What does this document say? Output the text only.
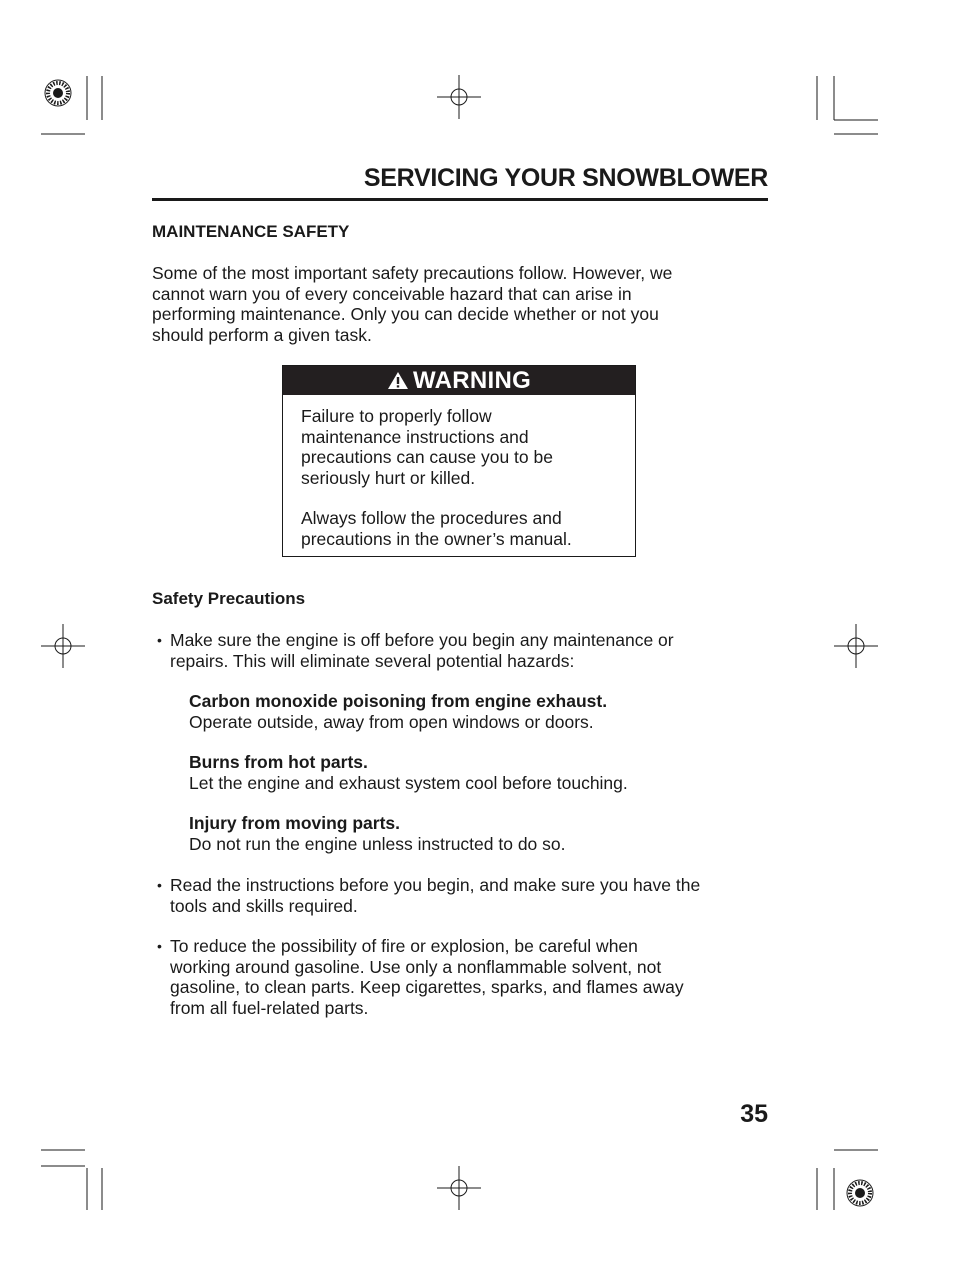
SERVICING YOUR SNOWBLOWER
MAINTENANCE SAFETY
Some of the most important safety precautions follow. However, we
cannot warn you of every conceivable hazard that can arise in
performing maintenance. Only you can decide whether or not you
should perform a given task.
WARNING
Failure to properly follow
maintenance instructions and
precautions can cause you to be
seriously hurt or killed.
Always follow the procedures and
precautions in the owner’s manual.
Safety Precautions
• Make sure the engine is off before you begin any maintenance or
repairs. This will eliminate several potential hazards:
Carbon monoxide poisoning from engine exhaust.
Operate outside, away from open windows or doors.
Burns from hot parts.
Let the engine and exhaust system cool before touching.
Injury from moving parts.
Do not run the engine unless instructed to do so.
• Read the instructions before you begin, and make sure you have the
tools and skills required.
• To reduce the possibility of fire or explosion, be careful when
working around gasoline. Use only a nonflammable solvent, not
gasoline, to clean parts. Keep cigarettes, sparks, and flames away
from all fuel-related parts.
35
